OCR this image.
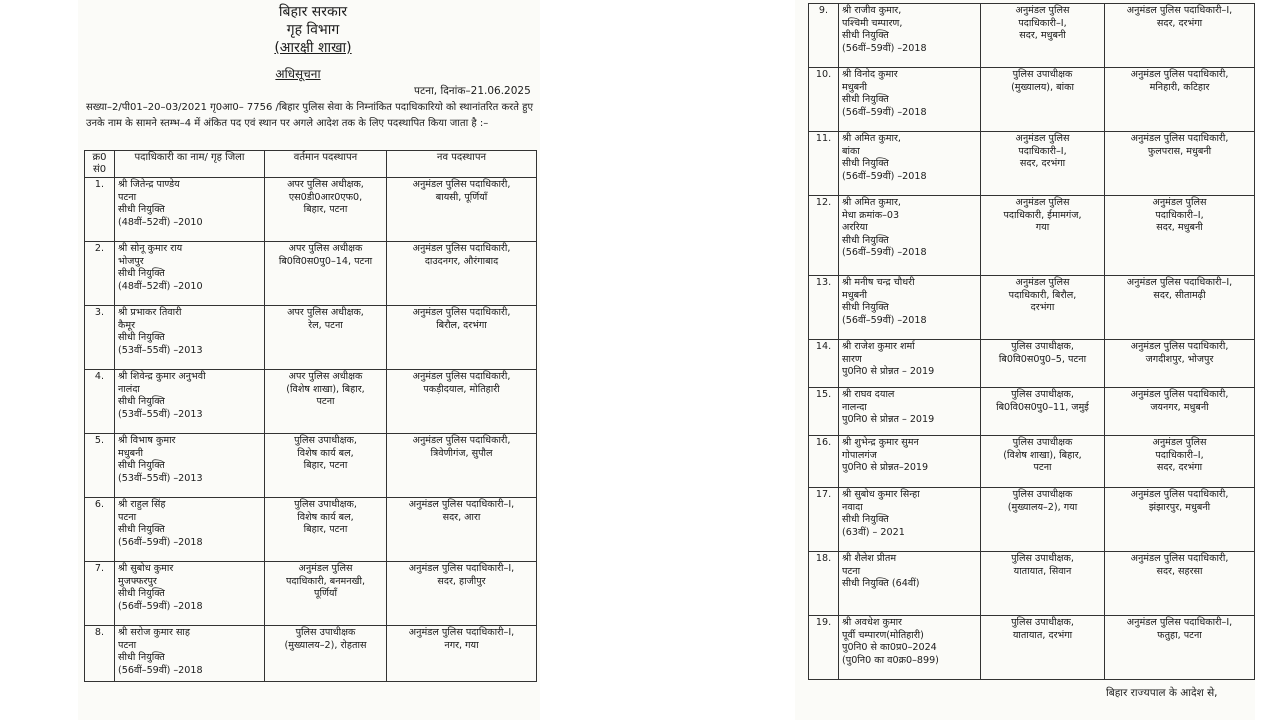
बिहार सरकार
गृह विभाग
(आरक्षी शाखा)
अधिसूचना
पटना, दिनांक–21.06.2025
सख्या–2/पी01–20–03/2021 गृ0आ0– 7756 /बिहार पुलिस सेवा के निम्नांकित पदाधिकारियो को स्थानांतरित करते हुए उनके नाम के सामने स्तम्भ–4 में अंकित पद एवं स्थान पर अगले आदेश तक के लिए पदस्थापित किया जाता है :–
क्र0 सं0	पदाधिकारी का नाम/ गृह जिला	वर्तमान पदस्थापन	नव पदस्थापन
1.	श्री जितेन्द्र पाण्डेय
पटना
सीधी नियुक्ति
(48वीं–52वीं) –2010	अपर पुलिस अधीक्षक,
एस0डी0आर0एफ0,
बिहार, पटना	अनुमंडल पुलिस पदाधिकारी,
बायसी, पूर्णियाँ

2.	श्री सोनू कुमार राय
भोजपुर
सीधी नियुक्ति
(48वीं–52वीं) –2010	अपर पुलिस अधीक्षक
बि0वि0स0पु0–14, पटना	अनुमंडल पुलिस पदाधिकारी,
दाउदनगर, औरंगाबाद

3.	श्री प्रभाकर तिवारी
कैमूर
सीधी नियुक्ति
(53वीं–55वीं) –2013	अपर पुलिस अधीक्षक,
रेल, पटना	अनुमंडल पुलिस पदाधिकारी,
बिरौल, दरभंगा

4.	श्री शिवेन्द्र कुमार अनुभवी
नालंदा
सीधी नियुक्ति
(53वीं–55वीं) –2013	अपर पुलिस अधीक्षक
(विशेष शाखा), बिहार,
पटना	अनुमंडल पुलिस पदाधिकारी,
पकड़ीदयाल, मोतिहारी

5.	श्री विभाष कुमार
मधुबनी
सीधी नियुक्ति
(53वीं–55वीं) –2013	पुलिस उपाधीक्षक,
विशेष कार्य बल,
बिहार, पटना	अनुमंडल पुलिस पदाधिकारी,
त्रिवेणीगंज, सुपौल

6.	श्री राहुल सिंह
पटना
सीधी नियुक्ति
(56वीं–59वीं) –2018	पुलिस उपाधीक्षक,
विशेष कार्य बल,
बिहार, पटना	अनुमंडल पुलिस पदाधिकारी–I,
सदर, आरा

7.	श्री सुबोध कुमार
मुजफ्फरपुर
सीधी नियुक्ति
(56वीं–59वीं) –2018	अनुमंडल पुलिस
पदाधिकारी, बनमनखी,
पूर्णियाँ	अनुमंडल पुलिस पदाधिकारी–I,
सदर, हाजीपुर

8.	श्री सरोज कुमार साह
पटना
सीधी नियुक्ति
(56वीं–59वीं) –2018	पुलिस उपाधीक्षक
(मुख्यालय–2), रोहतास	अनुमंडल पुलिस पदाधिकारी–I,
नगर, गया
9.	श्री राजीव कुमार,
पश्चिमी चम्पारण,
सीधी नियुक्ति
(56वीं–59वीं) –2018	अनुमंडल पुलिस
पदाधिकारी–I,
सदर, मधुबनी	अनुमंडल पुलिस पदाधिकारी–I,
सदर, दरभंगा

10.	श्री विनोद कुमार
मधुबनी
सीधी नियुक्ति
(56वीं–59वीं) –2018	पुलिस उपाधीक्षक
(मुख्यालय), बांका	अनुमंडल पुलिस पदाधिकारी,
मनिहारी, कटिहार

11.	श्री अमित कुमार,
बांका
सीधी नियुक्ति
(56वीं–59वीं) –2018	अनुमंडल पुलिस
पदाधिकारी–I,
सदर, दरभंगा	अनुमंडल पुलिस पदाधिकारी,
फुलपरास, मधुबनी

12.	श्री अमित कुमार,
मेधा क्रमांक–03
अररिया
सीधी नियुक्ति
(56वीं–59वीं) –2018	अनुमंडल पुलिस
पदाधिकारी, ईमामगंज,
गया	अनुमंडल पुलिस
पदाधिकारी–I,
सदर, मधुबनी

13.	श्री मनीष चन्द्र चौधरी
मधुबनी
सीधी नियुक्ति
(56वीं–59वीं) –2018	अनुमंडल पुलिस
पदाधिकारी, बिरौल,
दरभंगा	अनुमंडल पुलिस पदाधिकारी–I,
सदर, सीतामढ़ी

14.	श्री राजेश कुमार शर्मा
सारण
पु0नि0 से प्रोन्नत – 2019	पुलिस उपाधीक्षक,
बि0वि0स0पु0–5, पटना	अनुमंडल पुलिस पदाधिकारी,
जगदीशपुर, भोजपुर

15.	श्री राघव दयाल
नालन्दा
पु0नि0 से प्रोन्नत – 2019	पुलिस उपाधीक्षक,
बि0वि0स0पु0–11, जमुई	अनुमंडल पुलिस पदाधिकारी,
जयनगर, मधुबनी

16.	श्री शुभेन्द्र कुमार सुमन
गोपालगंज
पु0नि0 से प्रोन्नत–2019	पुलिस उपाधीक्षक
(विशेष शाखा), बिहार,
पटना	अनुमंडल पुलिस
पदाधिकारी–I,
सदर, दरभंगा

17.	श्री सुबोध कुमार सिन्हा
नवादा
सीधी नियुक्ति
(63वीं) – 2021	पुलिस उपाधीक्षक
(मुख्यालय–2), गया	अनुमंडल पुलिस पदाधिकारी,
झंझारपुर, मधुबनी

18.	श्री शैलेश प्रीतम
पटना
सीधी नियुक्ति (64वीं)	पुलिस उपाधीक्षक,
यातायात, सिवान	अनुमंडल पुलिस पदाधिकारी,
सदर, सहरसा

19.	श्री अवधेश कुमार
पूर्वी चम्पारण(मोतिहारी)
पु0नि0 से का0प्र0–2024
(पु0नि0 का व0क्र0–899)	पुलिस उपाधीक्षक,
यातायात, दरभंगा	अनुमंडल पुलिस पदाधिकारी–I,
फतुहा, पटना
बिहार राज्यपाल के आदेश से,
